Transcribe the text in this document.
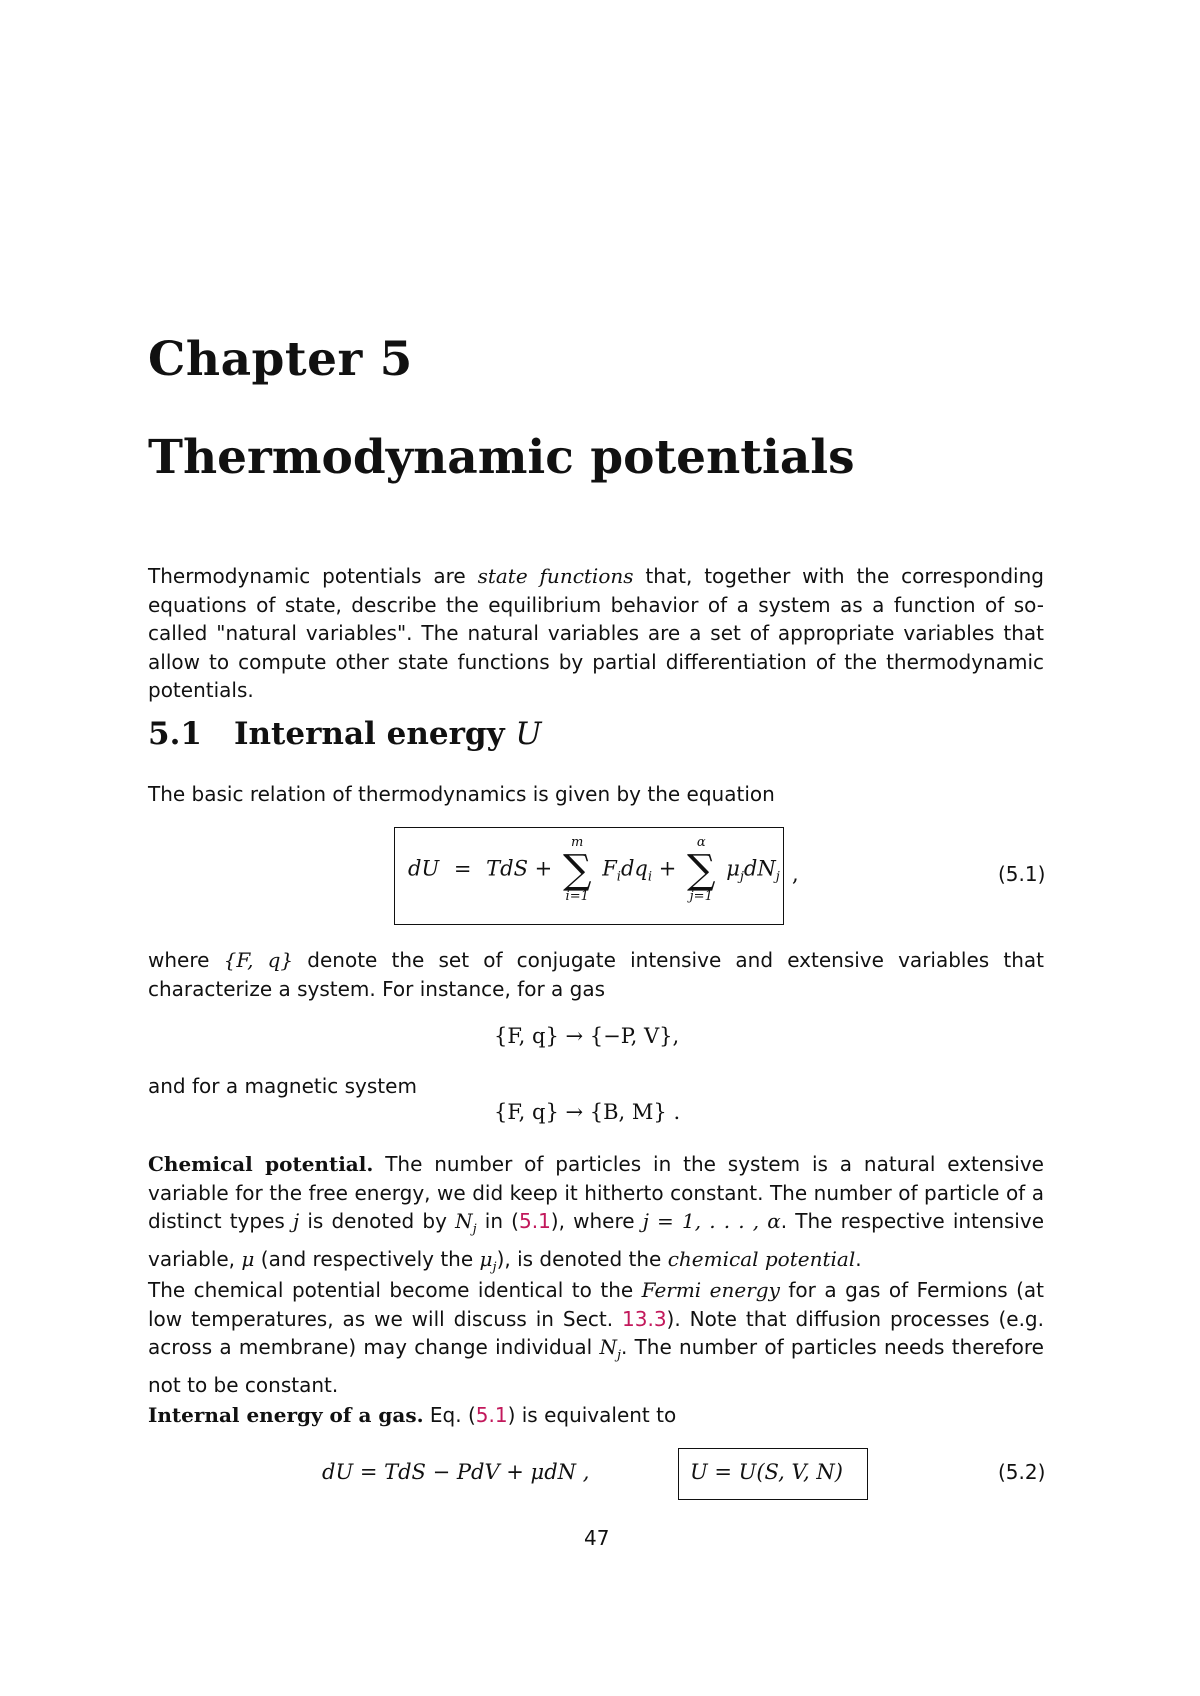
Chapter 5
Thermodynamic potentials
Thermodynamic potentials are state functions that, together with the corresponding equations of state, describe the equilibrium behavior of a system as a function of so-called "natural variables". The natural variables are a set of appropriate variables that allow to compute other state functions by partial differentiation of the thermodynamic potentials.
5.1 Internal energy U
The basic relation of thermodynamics is given by the equation
dU = TdS +
m
∑
i=1
$F_idq_i$ +
α
∑
j=1
$\mu_jdN_j$ ,	(5.1)
where {F, q} denote the set of conjugate intensive and extensive variables that characterize a system. For instance, for a gas
{F, q} → {−P, V},
and for a magnetic system
{F, q} → {B, M} .
Chemical potential. The number of particles in the system is a natural extensive variable for the free energy, we did keep it hitherto constant. The number of particle of a distinct types j is denoted by $N_j$ in (5.1), where j = 1, . . . , α. The respective intensive variable, μ (and respectively the $\mu_j$), is denoted the chemical potential.
The chemical potential become identical to the Fermi energy for a gas of Fermions (at low temperatures, as we will discuss in Sect. 13.3). Note that diffusion processes (e.g. across a membrane) may change individual $N_j$. The number of particles needs therefore not to be constant.
Internal energy of a gas. Eq. (5.1) is equivalent to
dU = TdS − PdV + μdN ,	U = U(S, V, N)	(5.2)
47
